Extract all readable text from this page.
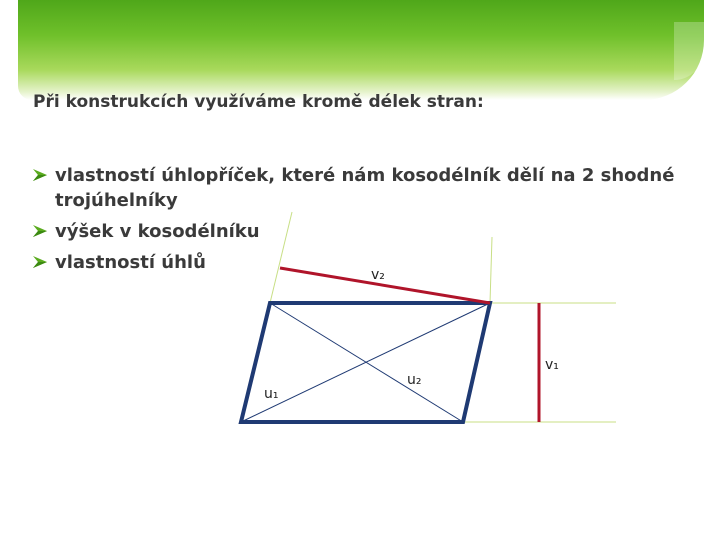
Při konstrukcích využíváme kromě délek stran:
vlastností úhlopříček, které nám kosodélník dělí na 2 shodné trojúhelníky
výšek v kosodélníku
vlastností úhlů
v₂
u₁
u₂
v₁
